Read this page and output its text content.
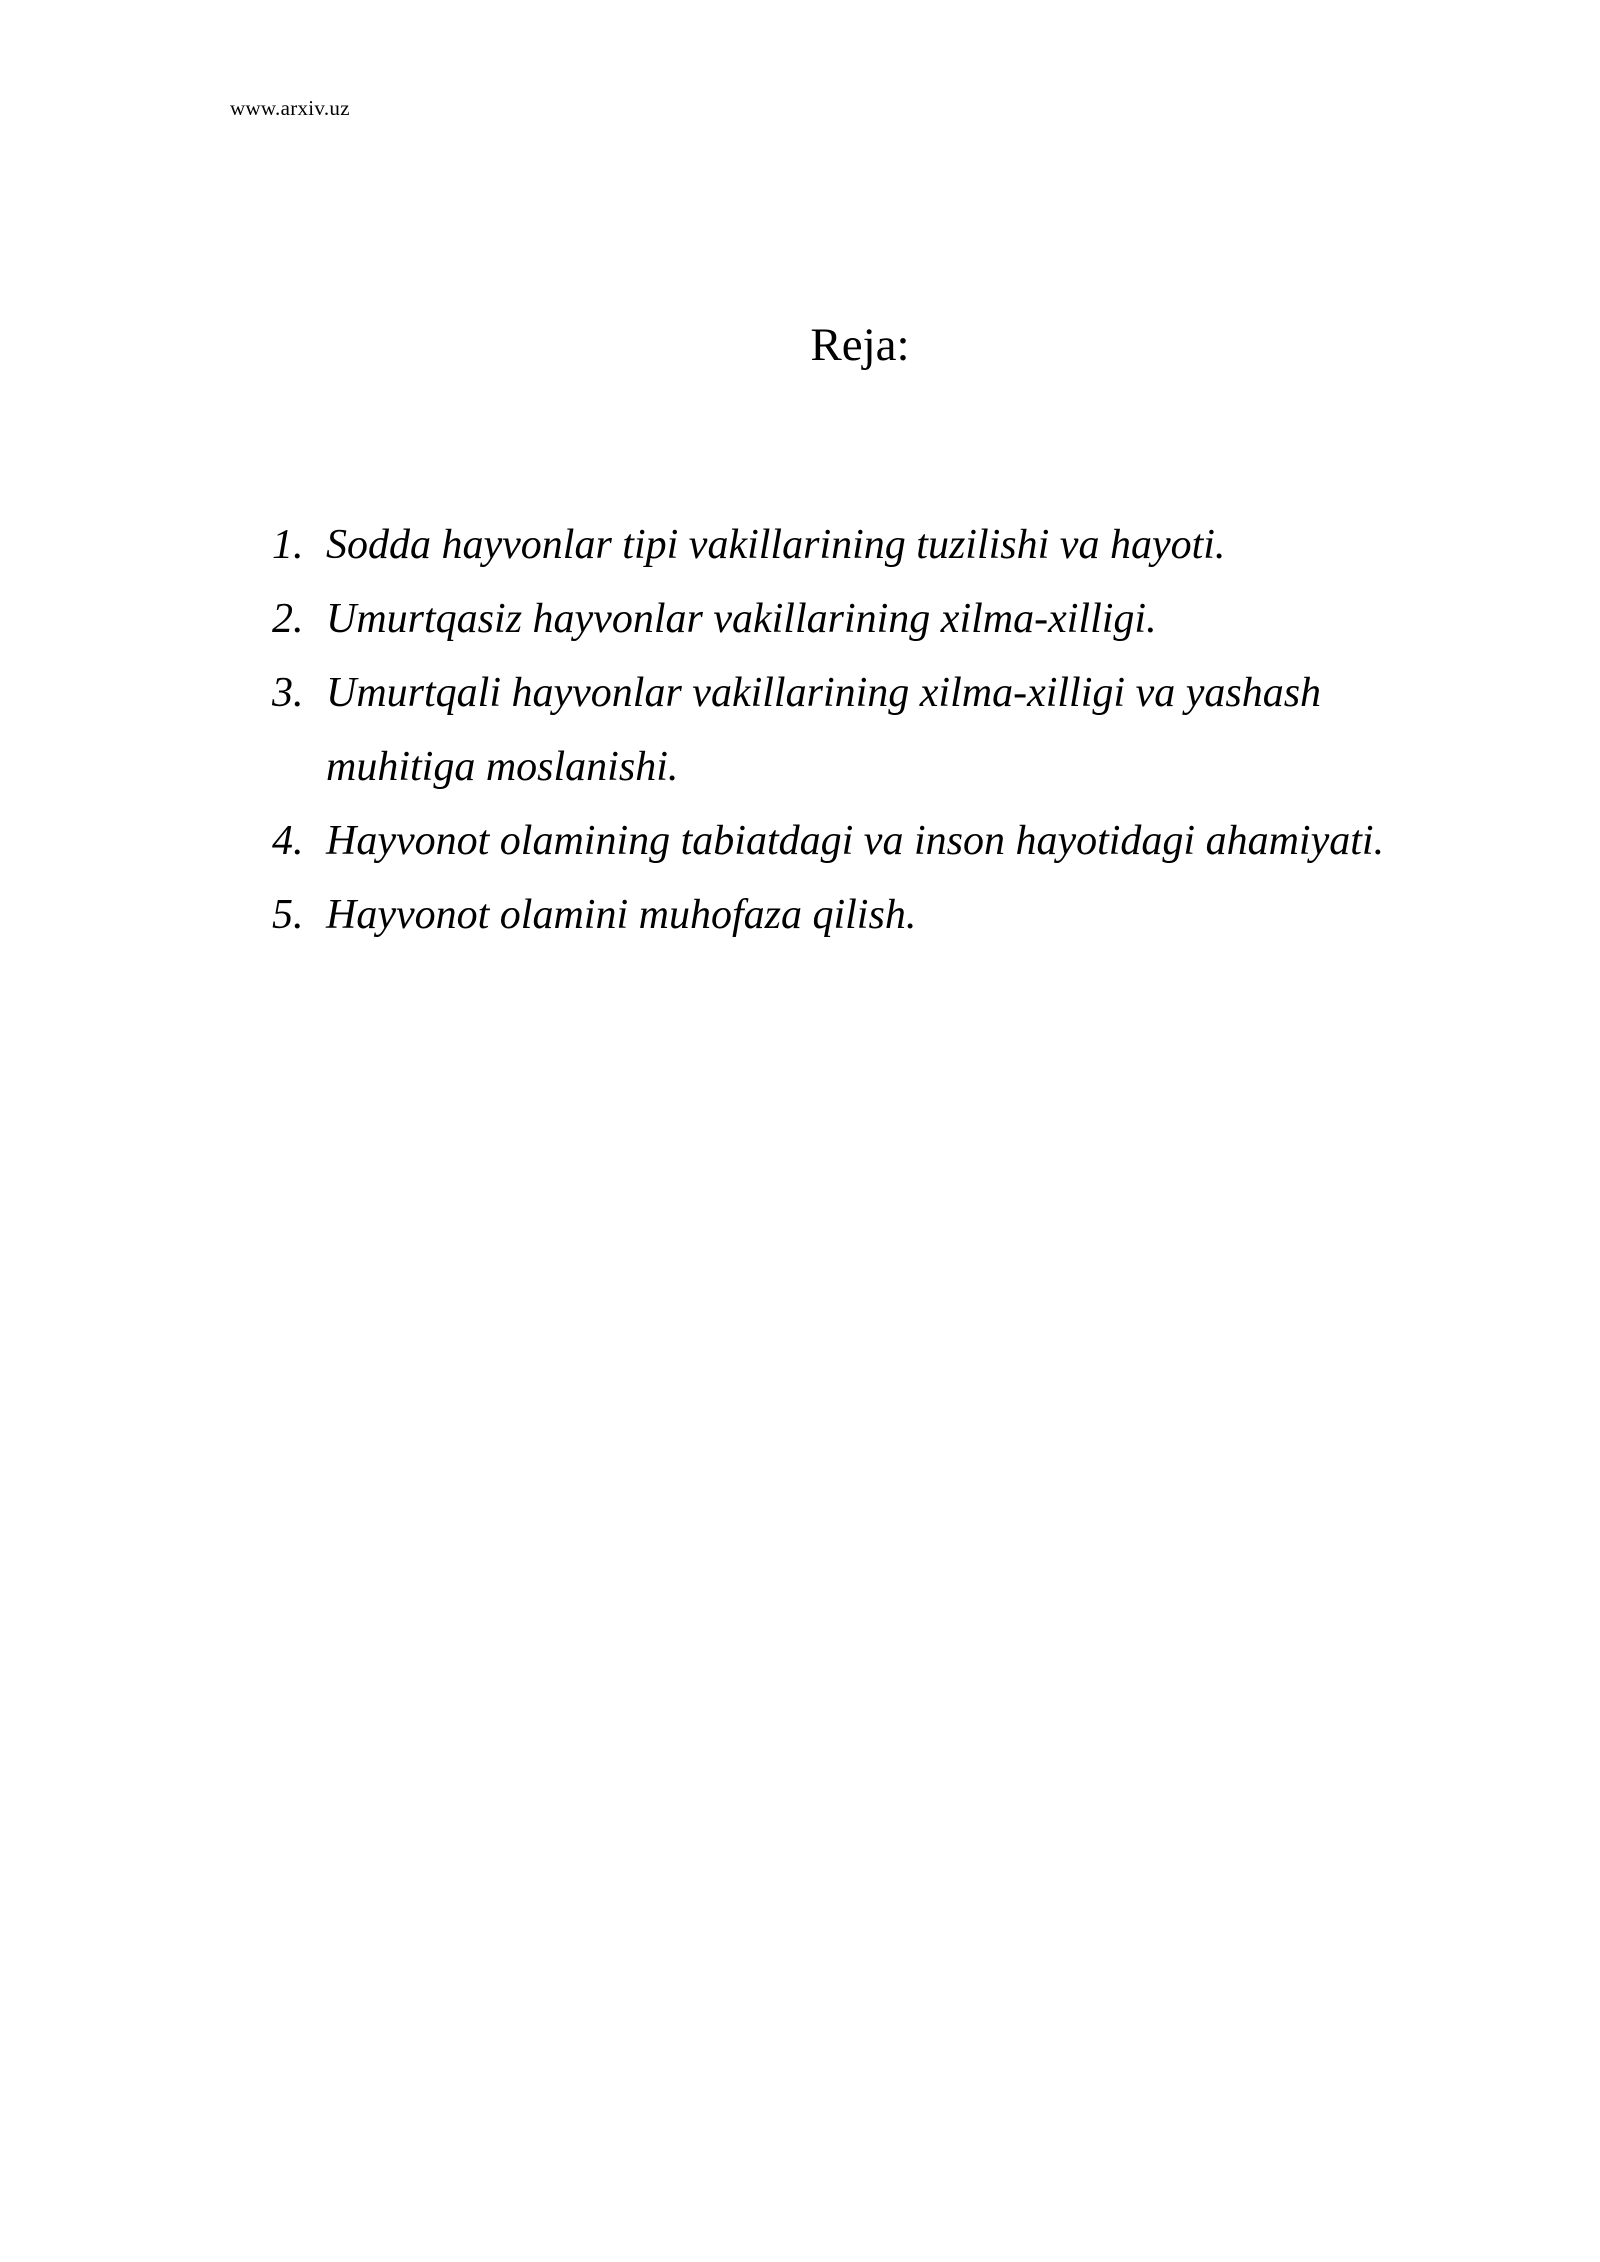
www.arxiv.uz
Reja:
1. Sodda hayvonlar tipi vakillarining tuzilishi va hayoti.
2. Umurtqasiz hayvonlar vakillarining xilma-xilligi.
3. Umurtqali hayvonlar vakillarining xilma-xilligi va yashash muhitiga moslanishi.
4. Hayvonot olamining tabiatdagi va inson hayotidagi ahamiyati.
5. Hayvonot olamini muhofaza qilish.
